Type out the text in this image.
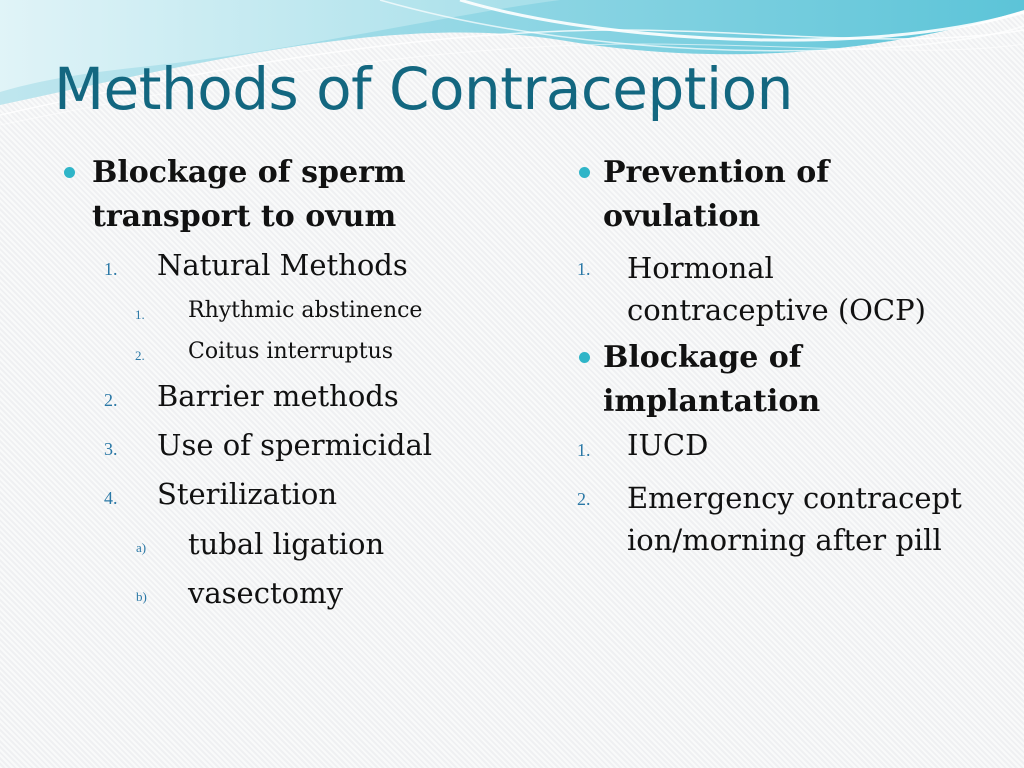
Methods of Contraception
Blockage of sperm transport to ovum
1. Natural Methods
1. Rhythmic abstinence
2. Coitus interruptus
2. Barrier methods
3. Use of spermicidal
4. Sterilization
a) tubal ligation
b) vasectomy
Prevention of ovulation
1. Hormonal contraceptive (OCP)
Blockage of implantation
1. IUCD
2. Emergency contraception/morning after pill
